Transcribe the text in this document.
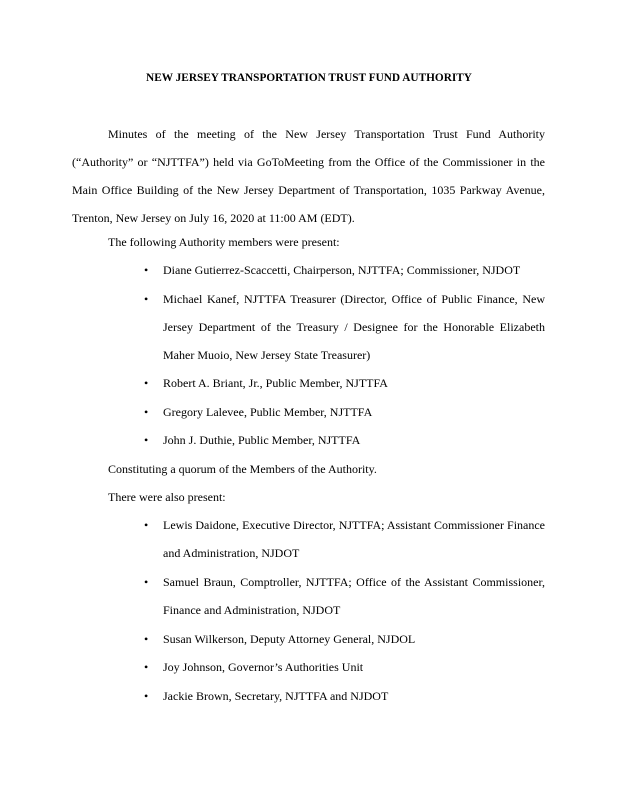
NEW JERSEY TRANSPORTATION TRUST FUND AUTHORITY

Minutes of the meeting of the New Jersey Transportation Trust Fund Authority (“Authority” or “NJTTFA”) held via GoToMeeting from the Office of the Commissioner in the Main Office Building of the New Jersey Department of Transportation, 1035 Parkway Avenue, Trenton, New Jersey on July 16, 2020 at 11:00 AM (EDT).

The following Authority members were present:

• Diane Gutierrez-Scaccetti, Chairperson, NJTTFA; Commissioner, NJDOT

• Michael Kanef, NJTTFA Treasurer (Director, Office of Public Finance, New Jersey Department of the Treasury / Designee for the Honorable Elizabeth Maher Muoio, New Jersey State Treasurer)

• Robert A. Briant, Jr., Public Member, NJTTFA

• Gregory Lalevee, Public Member, NJTTFA

• John J. Duthie, Public Member, NJTTFA

Constituting a quorum of the Members of the Authority.

There were also present:

• Lewis Daidone, Executive Director, NJTTFA; Assistant Commissioner Finance and Administration, NJDOT

• Samuel Braun, Comptroller, NJTTFA; Office of the Assistant Commissioner, Finance and Administration, NJDOT

• Susan Wilkerson, Deputy Attorney General, NJDOL

• Joy Johnson, Governor’s Authorities Unit

• Jackie Brown, Secretary, NJTTFA and NJDOT
